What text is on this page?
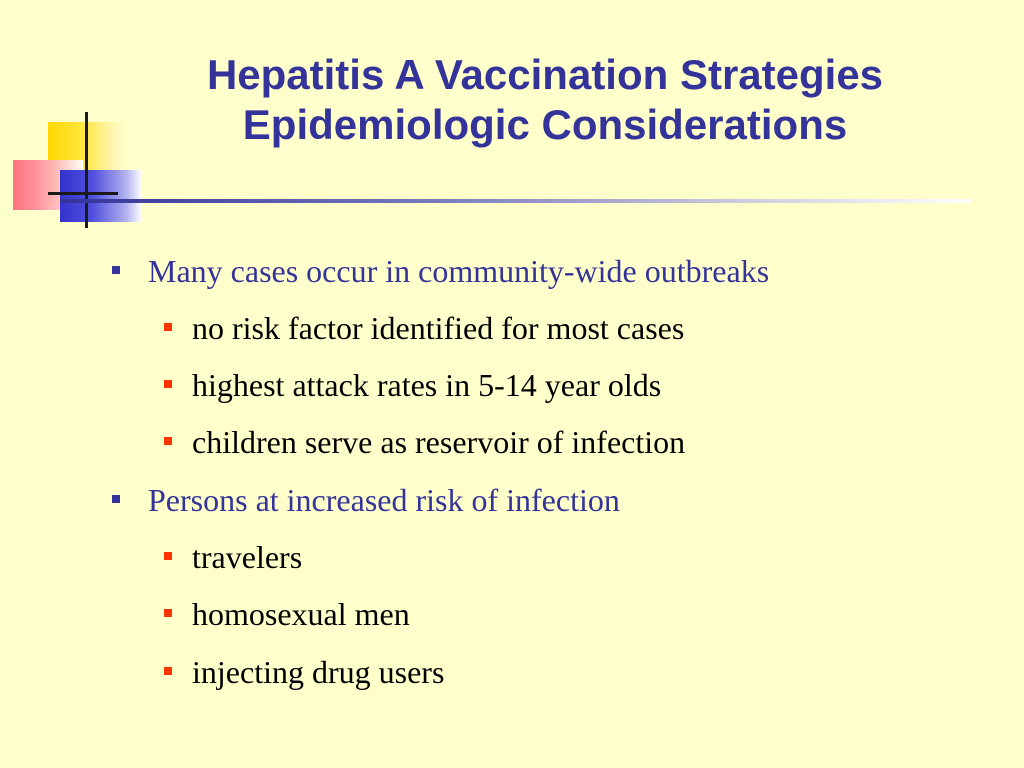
Hepatitis A Vaccination Strategies
Epidemiologic Considerations
Many cases occur in community-wide outbreaks
no risk factor identified for most cases
highest attack rates in 5-14 year olds
children serve as reservoir of infection
Persons at increased risk of infection
travelers
homosexual men
injecting drug users
